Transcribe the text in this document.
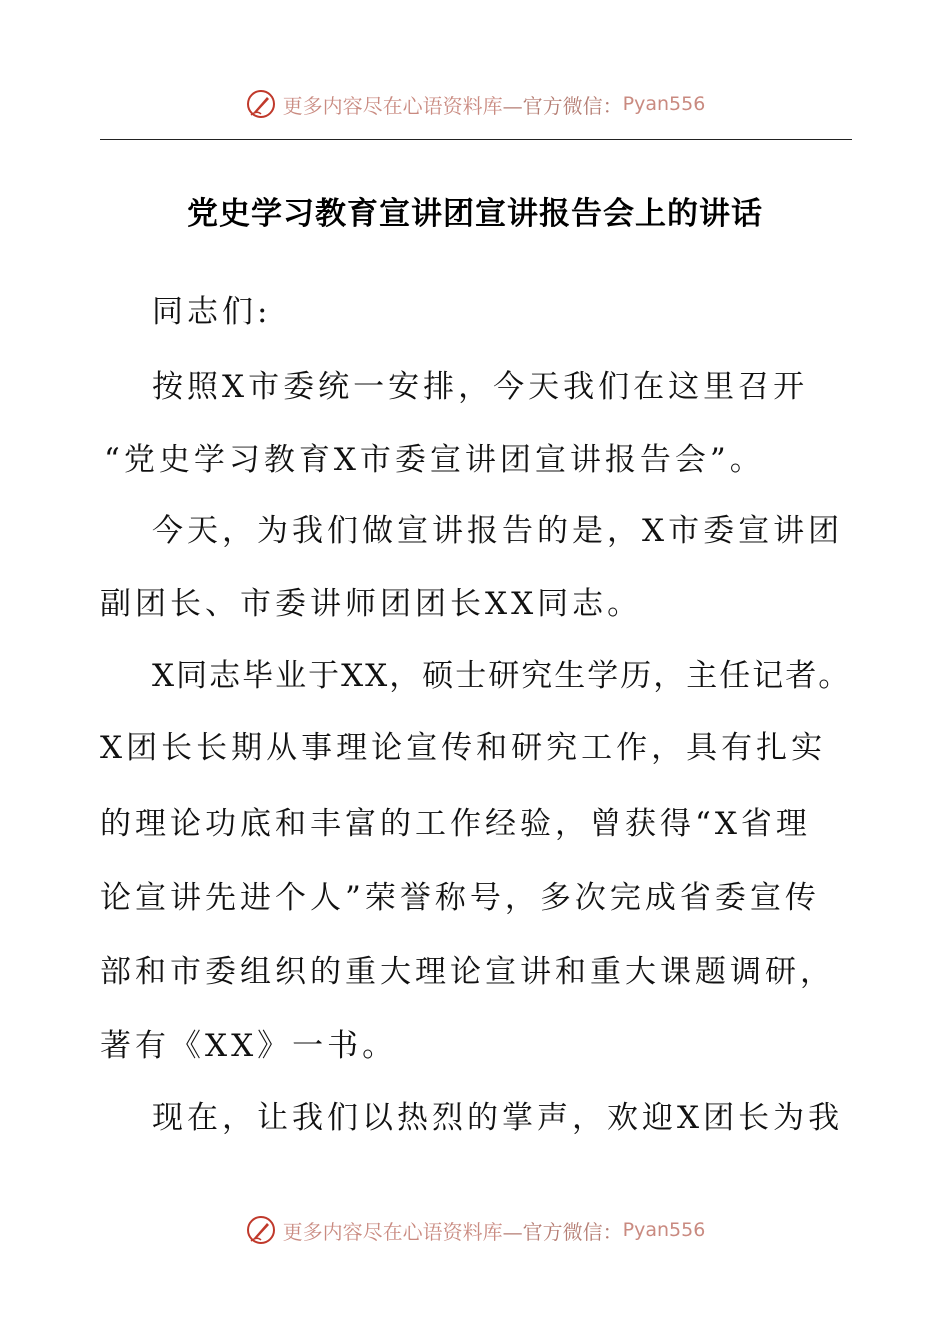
更多内容尽在心语资料库 —官方微信： Pyan556
党史学习教育宣讲团宣讲报告会上的讲话
同志们:
按照X市委统一安排，今天我们在这里召开
“党史学习教育X市委宣讲团宣讲报告会”。
今天，为我们做宣讲报告的是，X市委宣讲团
副团长、市委讲师团团长XX同志。
X同志毕业于XX，硕士研究生学历，主任记者。
X团长长期从事理论宣传和研究工作，具有扎实
的理论功底和丰富的工作经验，曾获得“X省理
论宣讲先进个人”荣誉称号，多次完成省委宣传
部和市委组织的重大理论宣讲和重大课题调研，
著有《XX》一书。
现在，让我们以热烈的掌声，欢迎X团长为我
更多内容尽在心语资料库 —官方微信： Pyan556
